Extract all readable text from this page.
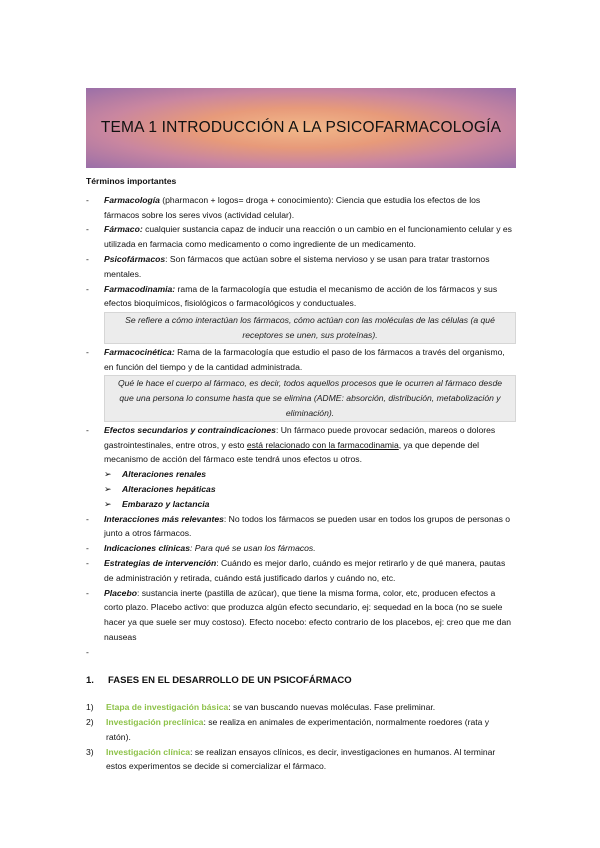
TEMA 1 INTRODUCCIÓN A LA PSICOFARMACOLOGÍA
Términos importantes
- Farmacología (pharmacon + logos= droga + conocimiento): Ciencia que estudia los efectos de los fármacos sobre los seres vivos (actividad celular).
- Fármaco: cualquier sustancia capaz de inducir una reacción o un cambio en el funcionamiento celular y es utilizada en farmacia como medicamento o como ingrediente de un medicamento.
- Psicofármacos: Son fármacos que actúan sobre el sistema nervioso y se usan para tratar trastornos mentales.
- Farmacodinamia: rama de la farmacología que estudia el mecanismo de acción de los fármacos y sus efectos bioquímicos, fisiológicos o farmacológicos y conductuales.
Se refiere a cómo interactúan los fármacos, cómo actúan con las moléculas de las células (a qué receptores se unen, sus proteínas).
- Farmacocinética: Rama de la farmacología que estudio el paso de los fármacos a través del organismo, en función del tiempo y de la cantidad administrada.
Qué le hace el cuerpo al fármaco, es decir, todos aquellos procesos que le ocurren al fármaco desde que una persona lo consume hasta que se elimina (ADME: absorción, distribución, metabolización y eliminación).
- Efectos secundarios y contraindicaciones: Un fármaco puede provocar sedación, mareos o dolores gastrointestinales, entre otros, y esto está relacionado con la farmacodinamia, ya que depende del mecanismo de acción del fármaco este tendrá unos efectos u otros.
➢ Alteraciones renales
➢ Alteraciones hepáticas
➢ Embarazo y lactancia
- Interacciones más relevantes: No todos los fármacos se pueden usar en todos los grupos de personas o junto a otros fármacos.
- Indicaciones clínicas: Para qué se usan los fármacos.
- Estrategias de intervención: Cuándo es mejor darlo, cuándo es mejor retirarlo y de qué manera, pautas de administración y retirada, cuándo está justificado darlos y cuándo no, etc.
- Placebo: sustancia inerte (pastilla de azúcar), que tiene la misma forma, color, etc, producen efectos a corto plazo. Placebo activo: que produzca algún efecto secundario, ej: sequedad en la boca (no se suele hacer ya que suele ser muy costoso). Efecto nocebo: efecto contrario de los placebos, ej: creo que me dan nauseas
-
1.	FASES EN EL DESARROLLO DE UN PSICOFÁRMACO
1) Etapa de investigación básica: se van buscando nuevas moléculas. Fase preliminar.
2) Investigación preclínica: se realiza en animales de experimentación, normalmente roedores (rata y ratón).
3) Investigación clínica: se realizan ensayos clínicos, es decir, investigaciones en humanos. Al terminar estos experimentos se decide si comercializar el fármaco.
